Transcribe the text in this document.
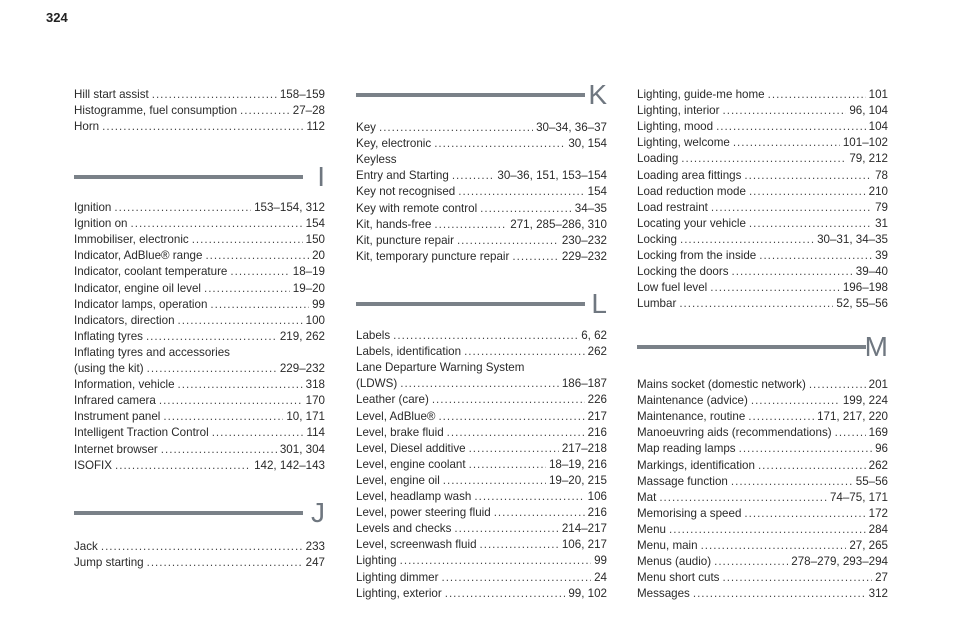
324
Hill start assist .....	158–159
Histogramme, fuel consumption .....	27–28
Horn .....	112
I
Ignition .....	153–154, 312
Ignition on .....	154
Immobiliser, electronic .....	150
Indicator, AdBlue® range .....	20
Indicator, coolant temperature .....	18–19
Indicator, engine oil level .....	19–20
Indicator lamps, operation .....	99
Indicators, direction .....	100
Inflating tyres .....	219, 262
Inflating tyres and accessories
(using the kit) .....	229–232
Information, vehicle .....	318
Infrared camera .....	170
Instrument panel .....	10, 171
Intelligent Traction Control .....	114
Internet browser .....	301, 304
ISOFIX .....	142, 142–143
J
Jack .....	233
Jump starting .....	247
K
Key .....	30–34, 36–37
Key, electronic .....	30, 154
Keyless
Entry and Starting .....	30–36, 151, 153–154
Key not recognised .....	154
Key with remote control .....	34–35
Kit, hands-free .....	271, 285–286, 310
Kit, puncture repair .....	230–232
Kit, temporary puncture repair .....	229–232
L
Labels .....	6, 62
Labels, identification .....	262
Lane Departure Warning System
(LDWS) .....	186–187
Leather (care) .....	226
Level, AdBlue® .....	217
Level, brake fluid .....	216
Level, Diesel additive .....	217–218
Level, engine coolant .....	18–19, 216
Level, engine oil .....	19–20, 215
Level, headlamp wash .....	106
Level, power steering fluid .....	216
Levels and checks .....	214–217
Level, screenwash fluid .....	106, 217
Lighting .....	99
Lighting dimmer .....	24
Lighting, exterior .....	99, 102
Lighting, guide-me home .....	101
Lighting, interior .....	96, 104
Lighting, mood .....	104
Lighting, welcome .....	101–102
Loading .....	79, 212
Loading area fittings .....	78
Load reduction mode .....	210
Load restraint .....	79
Locating your vehicle .....	31
Locking .....	30–31, 34–35
Locking from the inside .....	39
Locking the doors .....	39–40
Low fuel level .....	196–198
Lumbar .....	52, 55–56
M
Mains socket (domestic network) .....	201
Maintenance (advice) .....	199, 224
Maintenance, routine .....	171, 217, 220
Manoeuvring aids (recommendations) .....	169
Map reading lamps .....	96
Markings, identification .....	262
Massage function .....	55–56
Mat .....	74–75, 171
Memorising a speed .....	172
Menu .....	284
Menu, main .....	27, 265
Menus (audio) .....	278–279, 293–294
Menu short cuts .....	27
Messages .....	312
